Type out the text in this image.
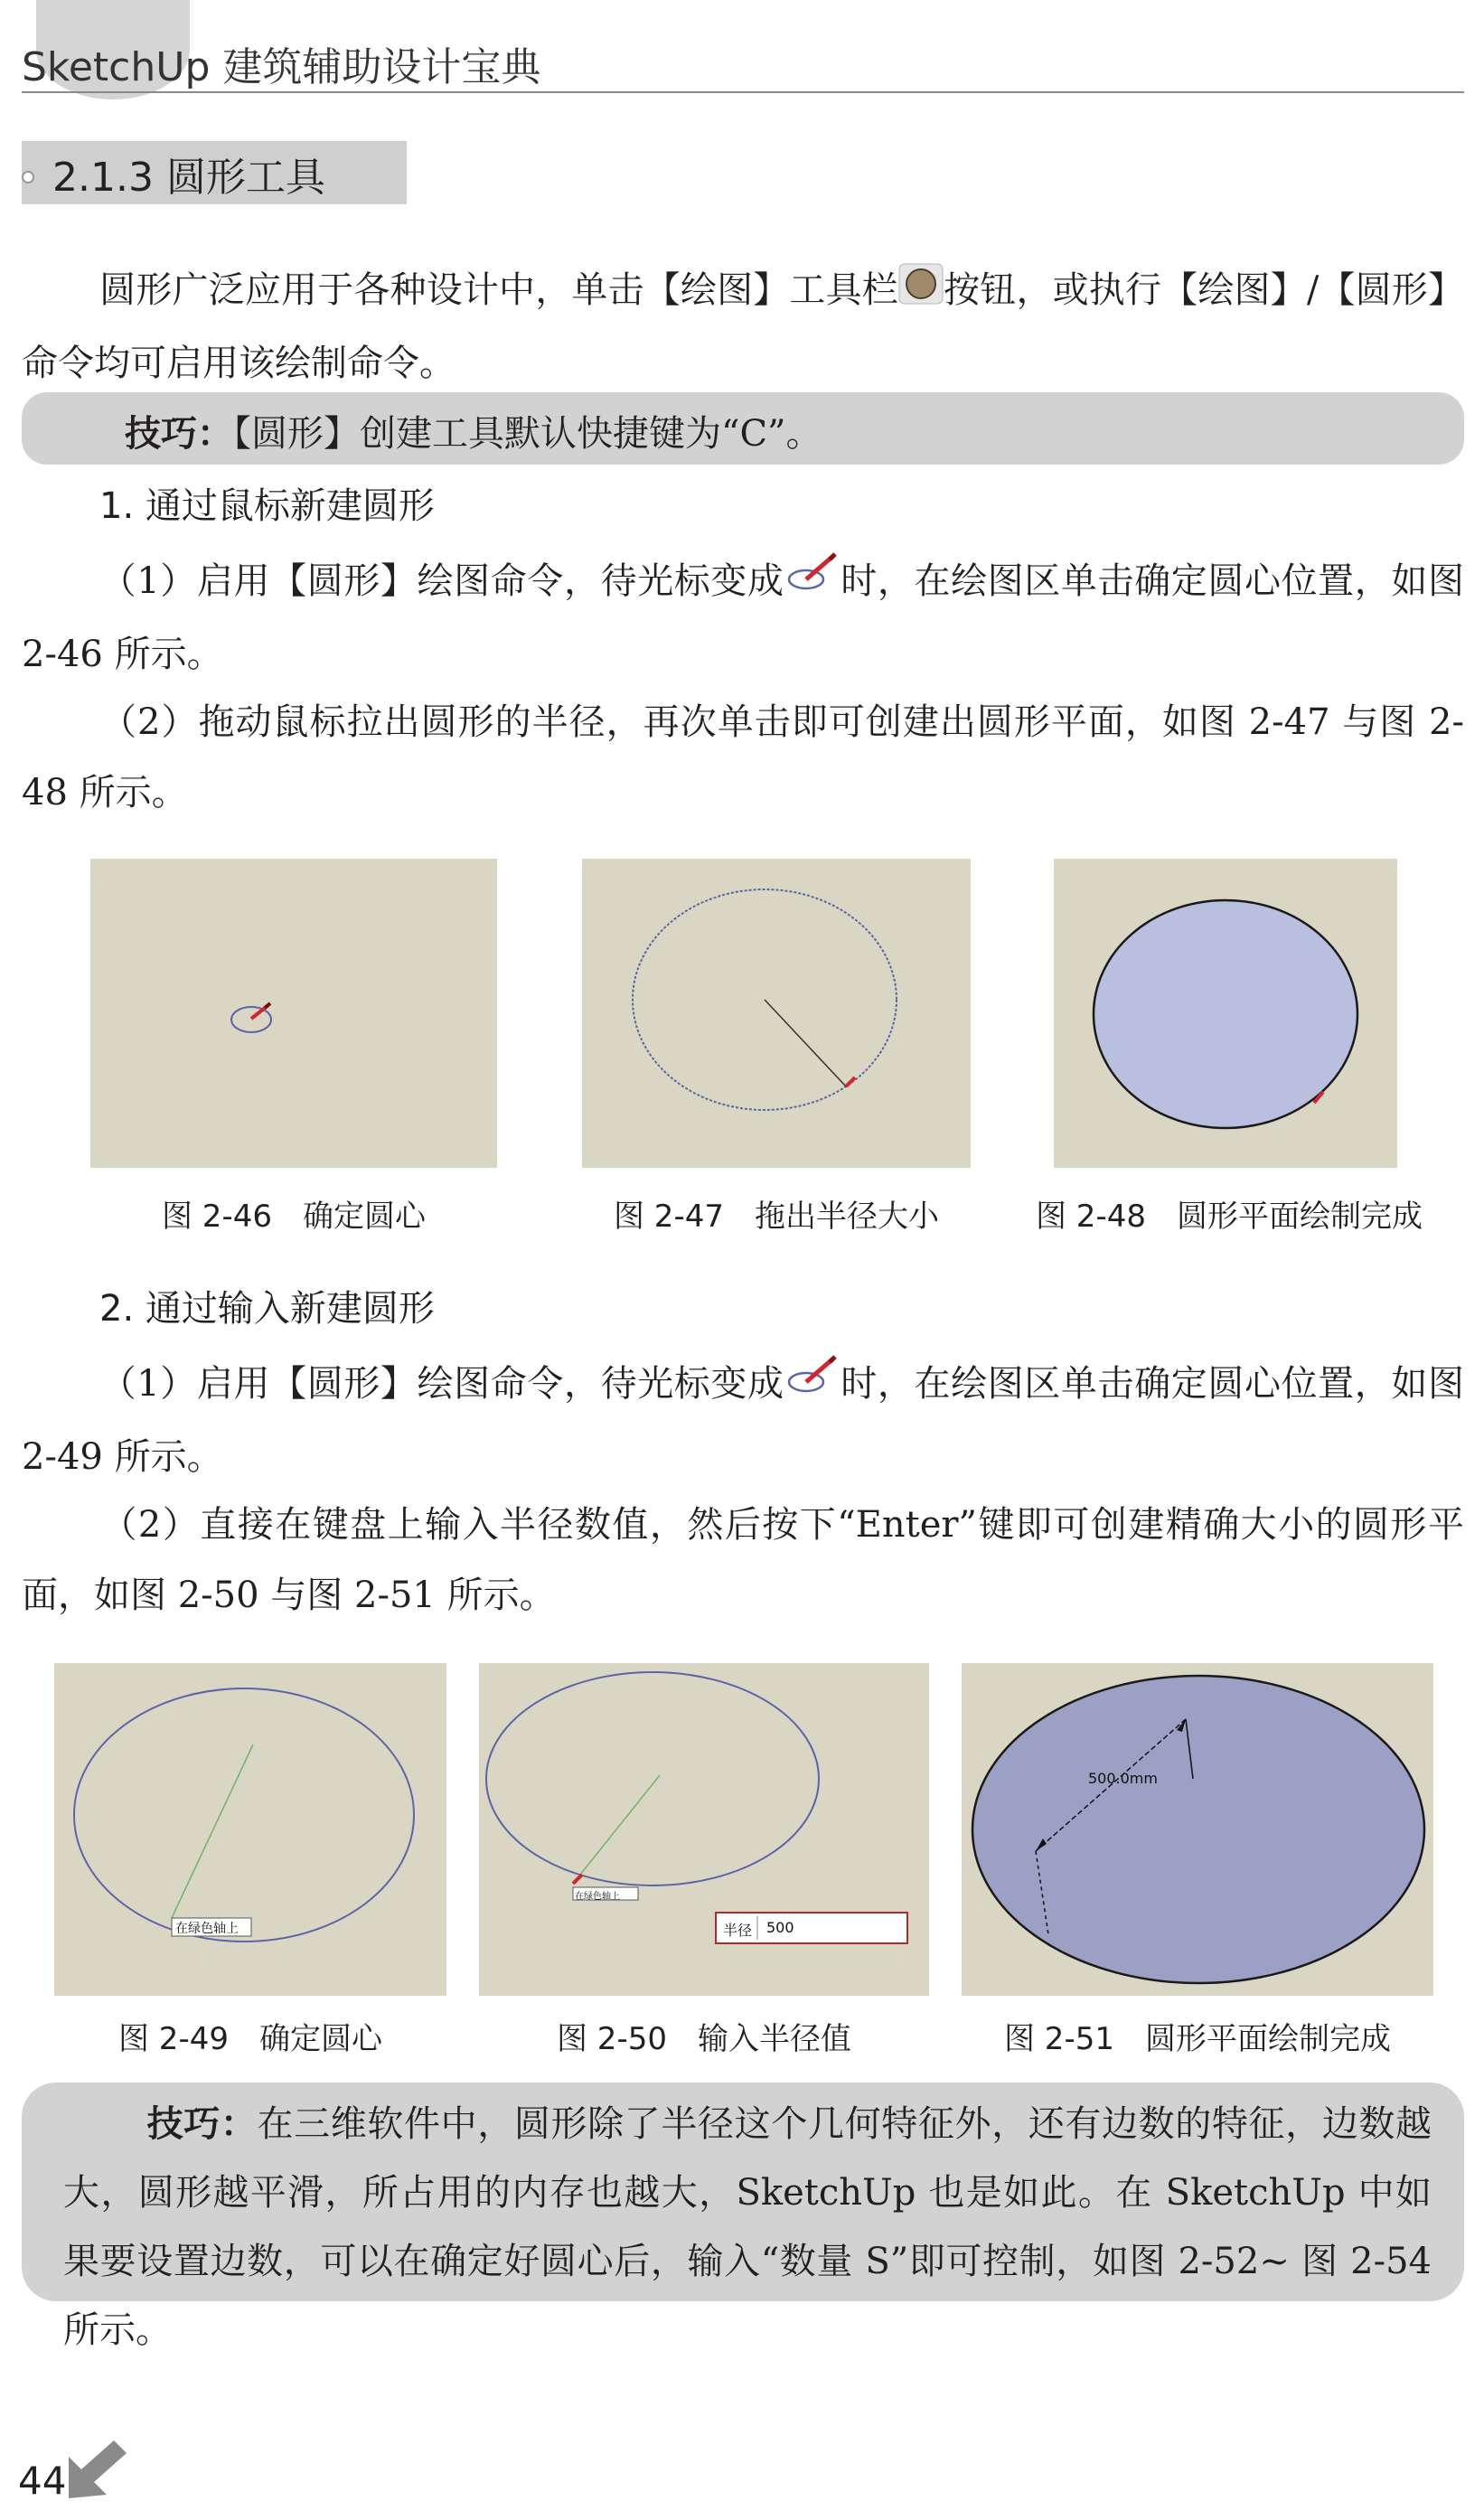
SketchUp 建筑辅助设计宝典
2.1.3 圆形工具
圆形广泛应用于各种设计中，单击【绘图】工具栏 按钮，或执行【绘图】/【圆形】命令均可启用该绘制命令。
技巧：【圆形】创建工具默认快捷键为“C”。
1. 通过鼠标新建圆形
（1）启用【圆形】绘图命令，待光标变成 时，在绘图区单击确定圆心位置，如图 2-46 所示。
（2）拖动鼠标拉出圆形的半径，再次单击即可创建出圆形平面，如图 2-47 与图 2-48 所示。
图 2-46　确定圆心	图 2-47　拖出半径大小	图 2-48　圆形平面绘制完成
2. 通过输入新建圆形
（1）启用【圆形】绘图命令，待光标变成 时，在绘图区单击确定圆心位置，如图 2-49 所示。
（2）直接在键盘上输入半径数值，然后按下“Enter”键即可创建精确大小的圆形平面，如图 2-50 与图 2-51 所示。
在绿色轴上
在绿色轴上
半径 500
500.0mm
图 2-49　确定圆心	图 2-50　输入半径值	图 2-51　圆形平面绘制完成
技巧：在三维软件中，圆形除了半径这个几何特征外，还有边数的特征，边数越大，圆形越平滑，所占用的内存也越大，SketchUp 也是如此。在 SketchUp 中如果要设置边数，可以在确定好圆心后，输入“数量 S”即可控制，如图 2-52~ 图 2-54 所示。
44
